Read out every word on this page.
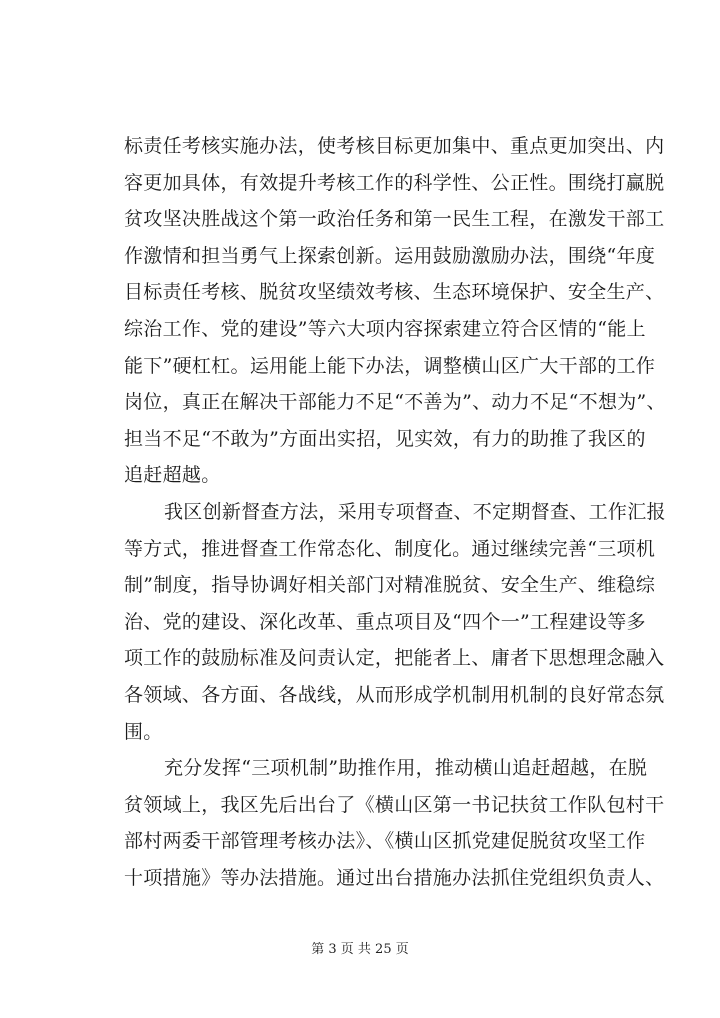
标责任考核实施办法，使考核目标更加集中、重点更加突出、内
容更加具体，有效提升考核工作的科学性、公正性。围绕打赢脱
贫攻坚决胜战这个第一政治任务和第一民生工程，在激发干部工
作激情和担当勇气上探索创新。运用鼓励激励办法，围绕“年度
目标责任考核、脱贫攻坚绩效考核、生态环境保护、安全生产、
综治工作、党的建设”等六大项内容探索建立符合区情的“能上
能下”硬杠杠。运用能上能下办法，调整横山区广大干部的工作
岗位，真正在解决干部能力不足“不善为”、动力不足“不想为”、
担当不足“不敢为”方面出实招，见实效，有力的助推了我区的
追赶超越。
我区创新督查方法，采用专项督查、不定期督查、工作汇报
等方式，推进督查工作常态化、制度化。通过继续完善“三项机
制”制度，指导协调好相关部门对精准脱贫、安全生产、维稳综
治、党的建设、深化改革、重点项目及“四个一”工程建设等多
项工作的鼓励标准及问责认定，把能者上、庸者下思想理念融入
各领域、各方面、各战线，从而形成学机制用机制的良好常态氛
围。
充分发挥“三项机制”助推作用，推动横山追赶超越，在脱
贫领域上，我区先后出台了《横山区第一书记扶贫工作队包村干
部村两委干部管理考核办法》、《横山区抓党建促脱贫攻坚工作
十项措施》等办法措施。通过出台措施办法抓住党组织负责人、
第 3 页 共 25 页
